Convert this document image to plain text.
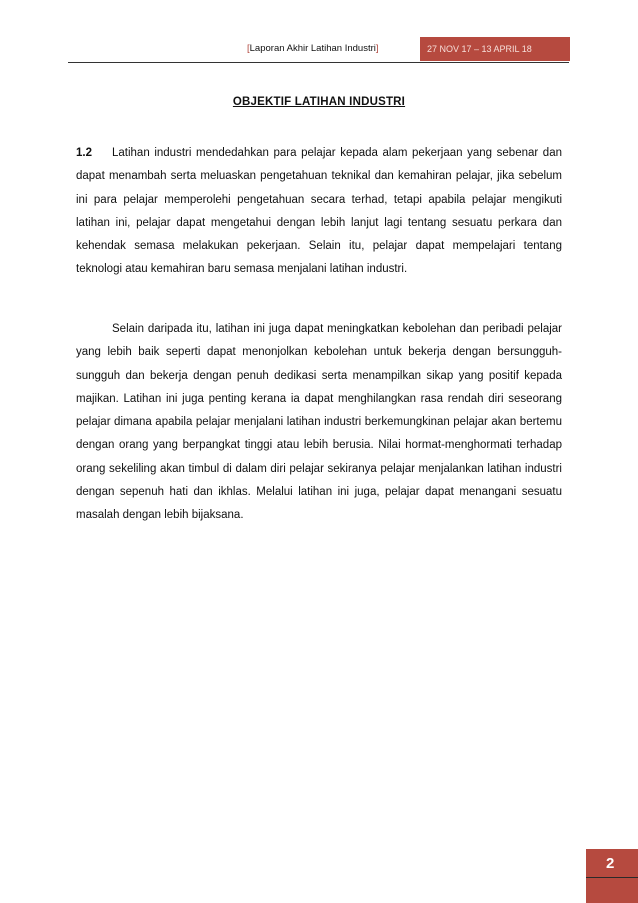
[Laporan Akhir Latihan Industri]	27 NOV 17 – 13 APRIL 18
OBJEKTIF LATIHAN INDUSTRI

1.2 Latihan industri mendedahkan para pelajar kepada alam pekerjaan yang sebenar dan dapat menambah serta meluaskan pengetahuan teknikal dan kemahiran pelajar, jika sebelum ini para pelajar memperolehi pengetahuan secara terhad, tetapi apabila pelajar mengikuti latihan ini, pelajar dapat mengetahui dengan lebih lanjut lagi tentang sesuatu perkara dan kehendak semasa melakukan pekerjaan. Selain itu, pelajar dapat mempelajari tentang teknologi atau kemahiran baru semasa menjalani latihan industri.

Selain daripada itu, latihan ini juga dapat meningkatkan kebolehan dan peribadi pelajar yang lebih baik seperti dapat menonjolkan kebolehan untuk bekerja dengan bersungguh-sungguh dan bekerja dengan penuh dedikasi serta menampilkan sikap yang positif kepada majikan. Latihan ini juga penting kerana ia dapat menghilangkan rasa rendah diri seseorang pelajar dimana apabila pelajar menjalani latihan industri berkemungkinan pelajar akan bertemu dengan orang yang berpangkat tinggi atau lebih berusia. Nilai hormat-menghormati terhadap orang sekeliling akan timbul di dalam diri pelajar sekiranya pelajar menjalankan latihan industri dengan sepenuh hati dan ikhlas. Melalui latihan ini juga, pelajar dapat menangani sesuatu masalah dengan lebih bijaksana.

2
